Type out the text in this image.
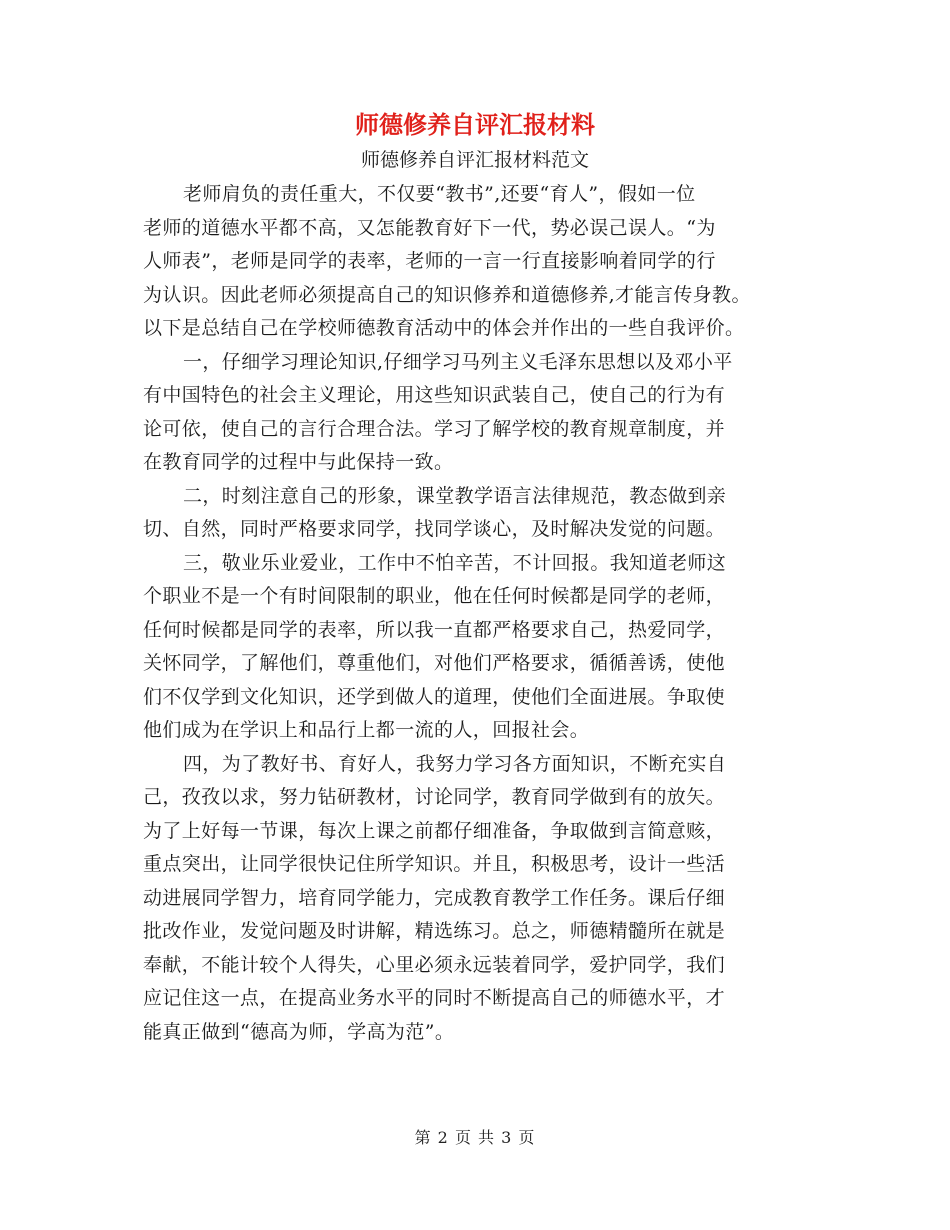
师德修养自评汇报材料

师德修养自评汇报材料范文

老师肩负的责任重大，不仅要“教书”,还要“育人”，假如一位
老师的道德水平都不高，又怎能教育好下一代，势必误己误人。“为
人师表”，老师是同学的表率，老师的一言一行直接影响着同学的行
为认识。因此老师必须提高自己的知识修养和道德修养,才能言传身教。
以下是总结自己在学校师德教育活动中的体会并作出的一些自我评价。
一，仔细学习理论知识,仔细学习马列主义毛泽东思想以及邓小平
有中国特色的社会主义理论，用这些知识武装自己，使自己的行为有
论可依，使自己的言行合理合法。学习了解学校的教育规章制度，并
在教育同学的过程中与此保持一致。
二，时刻注意自己的形象，课堂教学语言法律规范，教态做到亲
切、自然，同时严格要求同学，找同学谈心，及时解决发觉的问题。
三，敬业乐业爱业，工作中不怕辛苦，不计回报。我知道老师这
个职业不是一个有时间限制的职业，他在任何时候都是同学的老师，
任何时候都是同学的表率，所以我一直都严格要求自己，热爱同学，
关怀同学，了解他们，尊重他们，对他们严格要求，循循善诱，使他
们不仅学到文化知识，还学到做人的道理，使他们全面进展。争取使
他们成为在学识上和品行上都一流的人，回报社会。
四，为了教好书、育好人，我努力学习各方面知识，不断充实自
己，孜孜以求，努力钻研教材，讨论同学，教育同学做到有的放矢。
为了上好每一节课，每次上课之前都仔细准备，争取做到言简意赅，
重点突出，让同学很快记住所学知识。并且，积极思考，设计一些活
动进展同学智力，培育同学能力，完成教育教学工作任务。课后仔细
批改作业，发觉问题及时讲解，精选练习。总之，师德精髓所在就是
奉献，不能计较个人得失，心里必须永远装着同学，爱护同学，我们
应记住这一点，在提高业务水平的同时不断提高自己的师德水平，才
能真正做到“德高为师，学高为范”。
第 2 页 共 3 页
